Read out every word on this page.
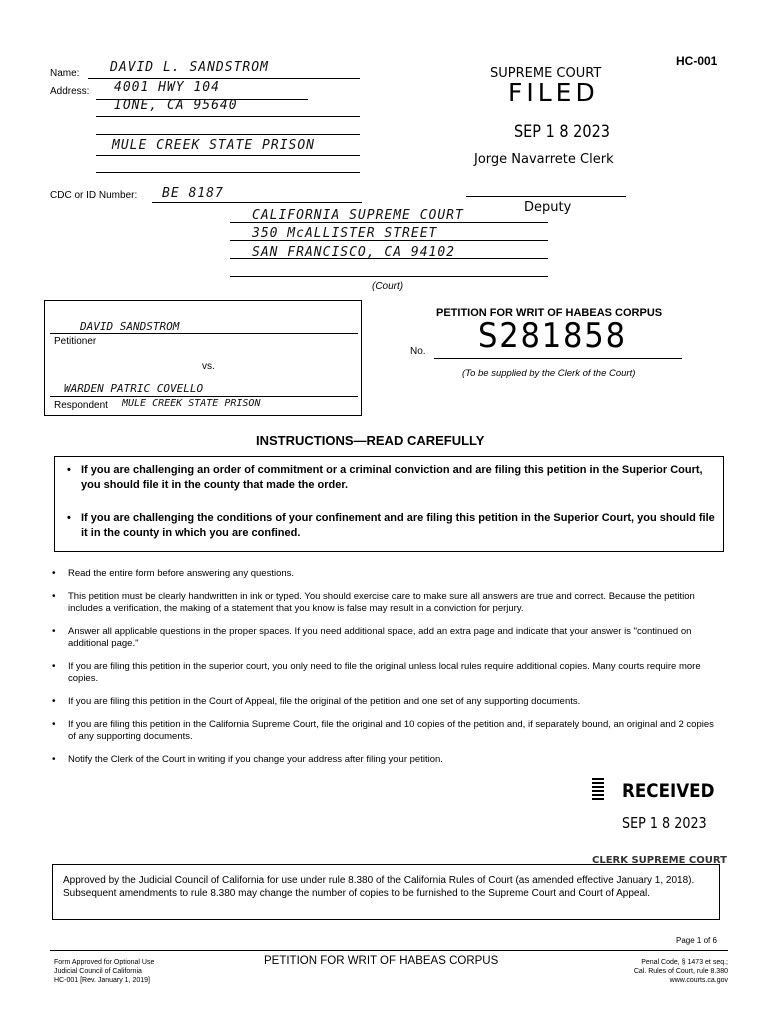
HC-001
Name: DAVID L. SANDSTROM
Address: 4001 HWY 104
IONE, CA 95640
MULE CREEK STATE PRISON
CDC or ID Number: BE 8187
SUPREME COURT
FILED
SEP 1 8 2023
Jorge Navarrete Clerk
Deputy
CALIFORNIA SUPREME COURT
350 McALLISTER STREET
SAN FRANCISCO, CA 94102
(Court)
DAVID SANDSTROM
Petitioner
vs.
WARDEN PATRIC COVELLO
Respondent MULE CREEK STATE PRISON
PETITION FOR WRIT OF HABEAS CORPUS
No. S281858
(To be supplied by the Clerk of the Court)
INSTRUCTIONS—READ CAREFULLY
• If you are challenging an order of commitment or a criminal conviction and are filing this petition in the Superior Court, you should file it in the county that made the order.
• If you are challenging the conditions of your confinement and are filing this petition in the Superior Court, you should file it in the county in which you are confined.
• Read the entire form before answering any questions.
• This petition must be clearly handwritten in ink or typed. You should exercise care to make sure all answers are true and correct. Because the petition includes a verification, the making of a statement that you know is false may result in a conviction for perjury.
• Answer all applicable questions in the proper spaces. If you need additional space, add an extra page and indicate that your answer is "continued on additional page."
• If you are filing this petition in the superior court, you only need to file the original unless local rules require additional copies. Many courts require more copies.
• If you are filing this petition in the Court of Appeal, file the original of the petition and one set of any supporting documents.
• If you are filing this petition in the California Supreme Court, file the original and 10 copies of the petition and, if separately bound, an original and 2 copies of any supporting documents.
• Notify the Clerk of the Court in writing if you change your address after filing your petition.
RECEIVED
SEP 1 8 2023
CLERK SUPREME COURT
Approved by the Judicial Council of California for use under rule 8.380 of the California Rules of Court (as amended effective January 1, 2018). Subsequent amendments to rule 8.380 may change the number of copies to be furnished to the Supreme Court and Court of Appeal.
Page 1 of 6
Form Approved for Optional Use
Judicial Council of California
HC-001 [Rev. January 1, 2019]
PETITION FOR WRIT OF HABEAS CORPUS	Penal Code, § 1473 et seq.;
Cal. Rules of Court, rule 8.380
www.courts.ca.gov
